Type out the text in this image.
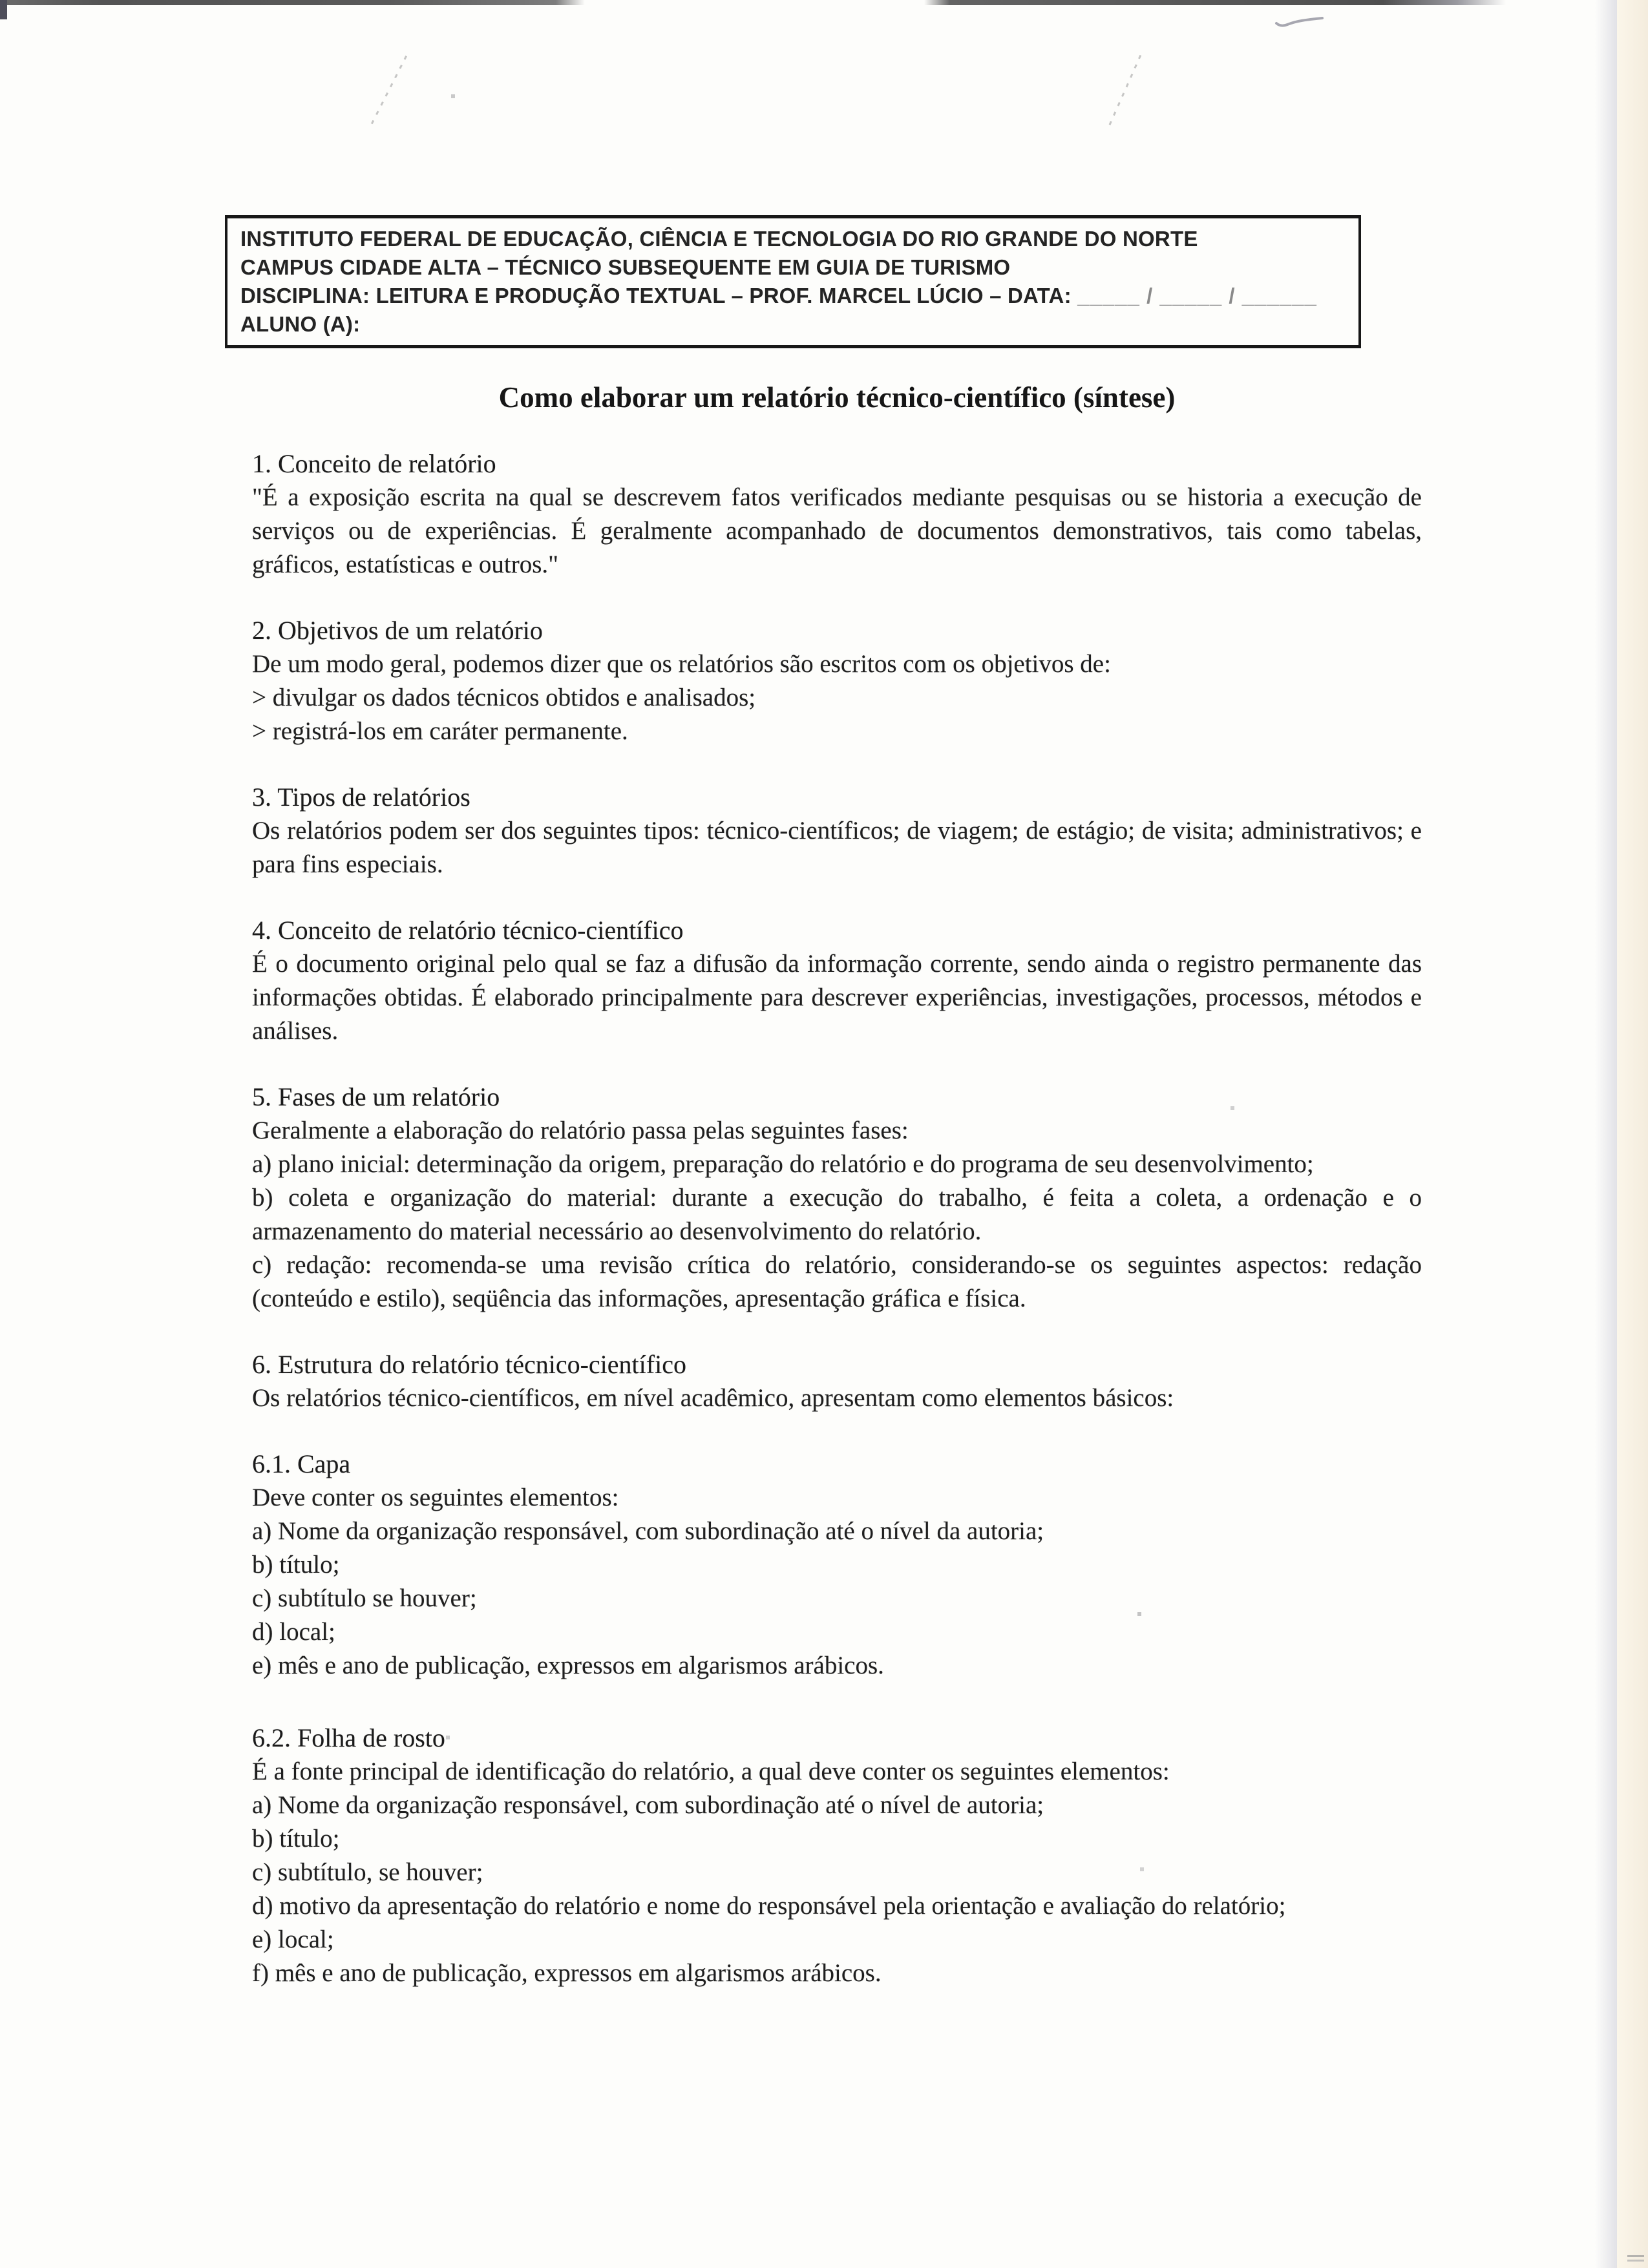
INSTITUTO FEDERAL DE EDUCAÇÃO, CIÊNCIA E TECNOLOGIA DO RIO GRANDE DO NORTE
CAMPUS CIDADE ALTA – TÉCNICO SUBSEQUENTE EM GUIA DE TURISMO
DISCIPLINA: LEITURA E PRODUÇÃO TEXTUAL – PROF. MARCEL LÚCIO – DATA: _____ / _____ / ______
ALUNO (A):
Como elaborar um relatório técnico-científico (síntese)
1. Conceito de relatório

"É a exposição escrita na qual se descrevem fatos verificados mediante pesquisas ou se historia a execução de serviços ou de experiências. É geralmente acompanhado de documentos demonstrativos, tais como tabelas, gráficos, estatísticas e outros."

2. Objetivos de um relatório

De um modo geral, podemos dizer que os relatórios são escritos com os objetivos de:

> divulgar os dados técnicos obtidos e analisados;

> registrá-los em caráter permanente.

3. Tipos de relatórios

Os relatórios podem ser dos seguintes tipos: técnico-científicos; de viagem; de estágio; de visita; administrativos; e para fins especiais.

4. Conceito de relatório técnico-científico

É o documento original pelo qual se faz a difusão da informação corrente, sendo ainda o registro permanente das informações obtidas. É elaborado principalmente para descrever experiências, investigações, processos, métodos e análises.

5. Fases de um relatório

Geralmente a elaboração do relatório passa pelas seguintes fases:

a) plano inicial: determinação da origem, preparação do relatório e do programa de seu desenvolvimento;

b) coleta e organização do material: durante a execução do trabalho, é feita a coleta, a ordenação e o armazenamento do material necessário ao desenvolvimento do relatório.

c) redação: recomenda-se uma revisão crítica do relatório, considerando-se os seguintes aspectos: redação (conteúdo e estilo), seqüência das informações, apresentação gráfica e física.

6. Estrutura do relatório técnico-científico

Os relatórios técnico-científicos, em nível acadêmico, apresentam como elementos básicos:

6.1. Capa

Deve conter os seguintes elementos:

a) Nome da organização responsável, com subordinação até o nível da autoria;

b) título;

c) subtítulo se houver;

d) local;

e) mês e ano de publicação, expressos em algarismos arábicos.

6.2. Folha de rosto

É a fonte principal de identificação do relatório, a qual deve conter os seguintes elementos:

a) Nome da organização responsável, com subordinação até o nível de autoria;

b) título;

c) subtítulo, se houver;

d) motivo da apresentação do relatório e nome do responsável pela orientação e avaliação do relatório;

e) local;

f) mês e ano de publicação, expressos em algarismos arábicos.
